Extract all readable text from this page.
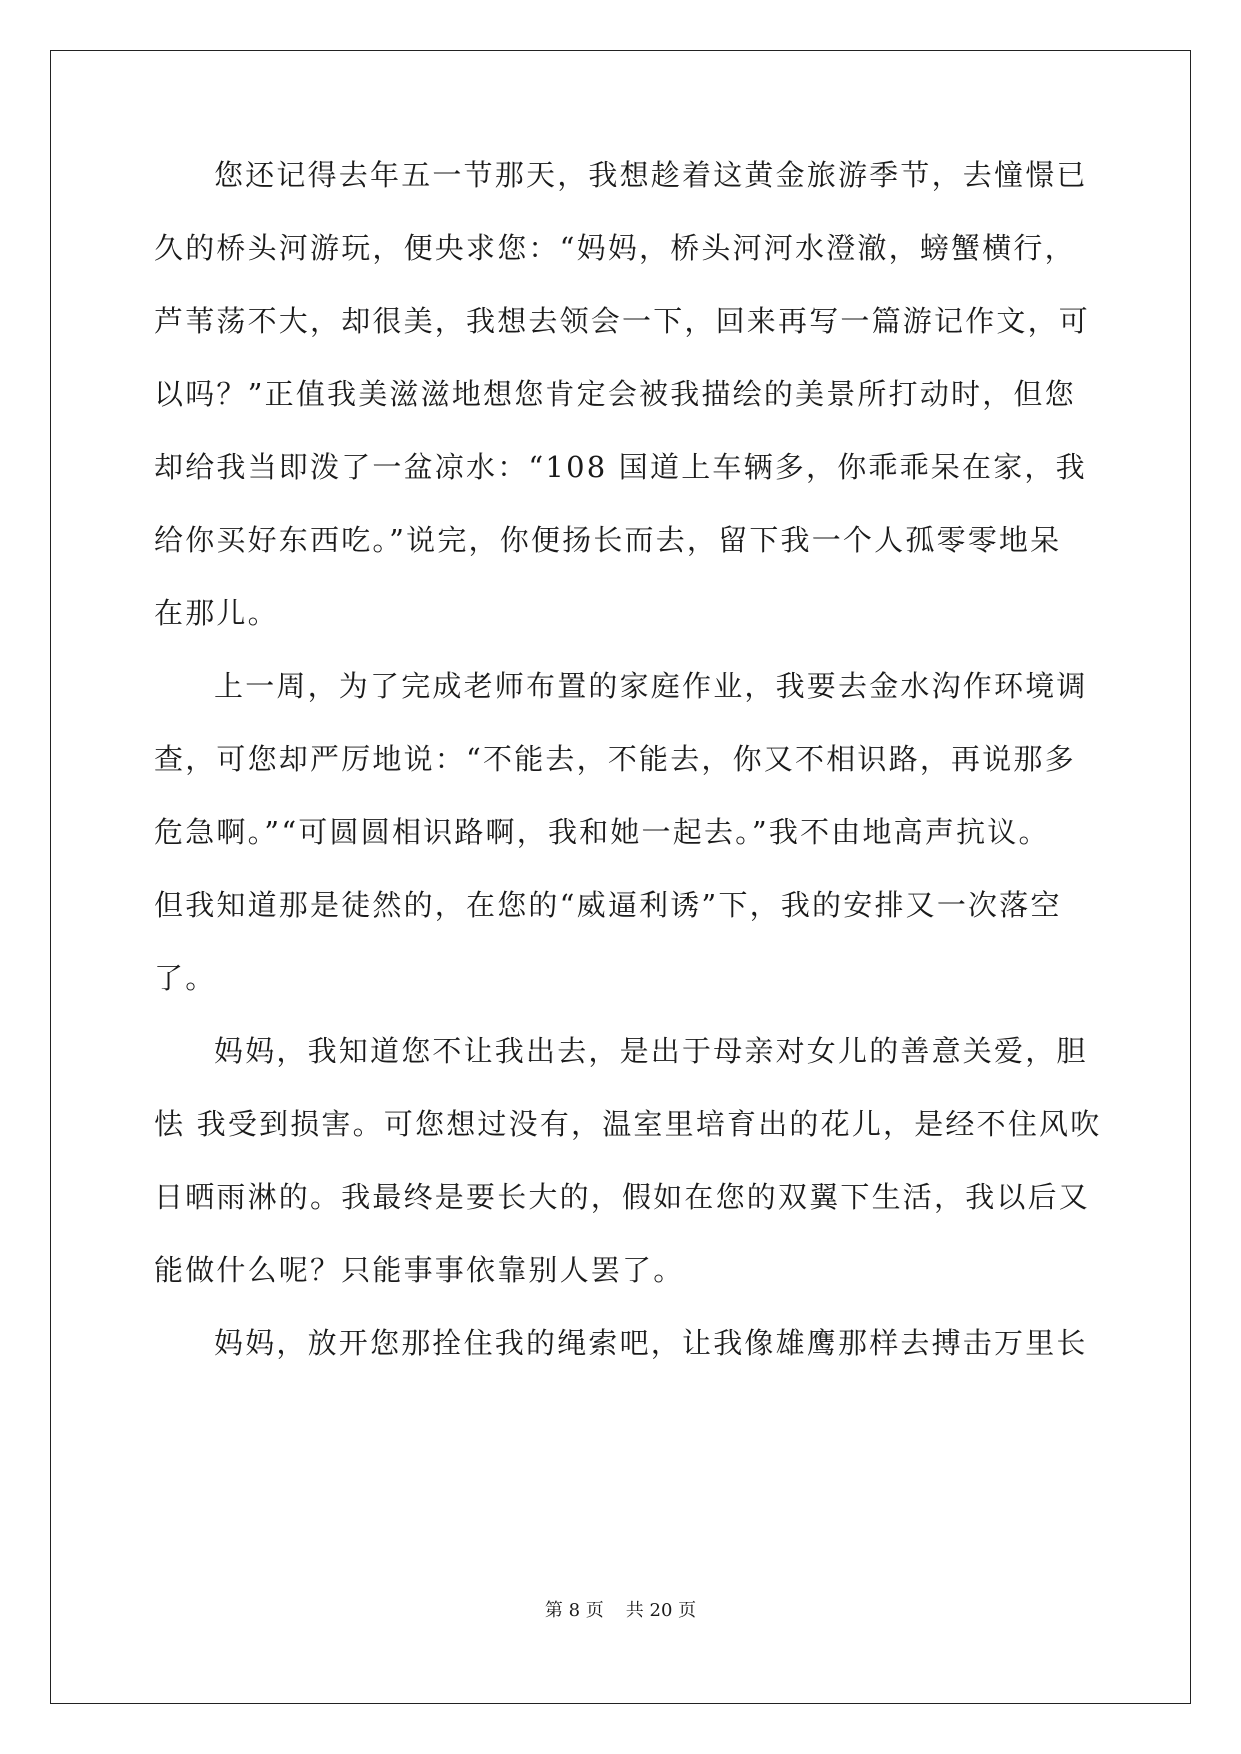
您还记得去年五一节那天，我想趁着这黄金旅游季节，去憧憬已
久的桥头河游玩，便央求您：“妈妈，桥头河河水澄澈，螃蟹横行，
芦苇荡不大，却很美，我想去领会一下，回来再写一篇游记作文，可
以吗？”正值我美滋滋地想您肯定会被我描绘的美景所打动时，但您
却给我当即泼了一盆凉水：“108 国道上车辆多，你乖乖呆在家，我
给你买好东西吃。”说完，你便扬长而去，留下我一个人孤零零地呆
在那儿。
上一周，为了完成老师布置的家庭作业，我要去金水沟作环境调
查，可您却严厉地说：“不能去，不能去，你又不相识路，再说那多
危急啊。”“可圆圆相识路啊，我和她一起去。”我不由地高声抗议。
但我知道那是徒然的，在您的“威逼利诱”下，我的安排又一次落空
了。
妈妈，我知道您不让我出去，是出于母亲对女儿的善意关爱，胆
怯 我受到损害。可您想过没有，温室里培育出的花儿，是经不住风吹
日晒雨淋的。我最终是要长大的，假如在您的双翼下生活，我以后又
能做什么呢？只能事事依靠别人罢了。
妈妈，放开您那拴住我的绳索吧，让我像雄鹰那样去搏击万里长
第 8 页 共 20 页
